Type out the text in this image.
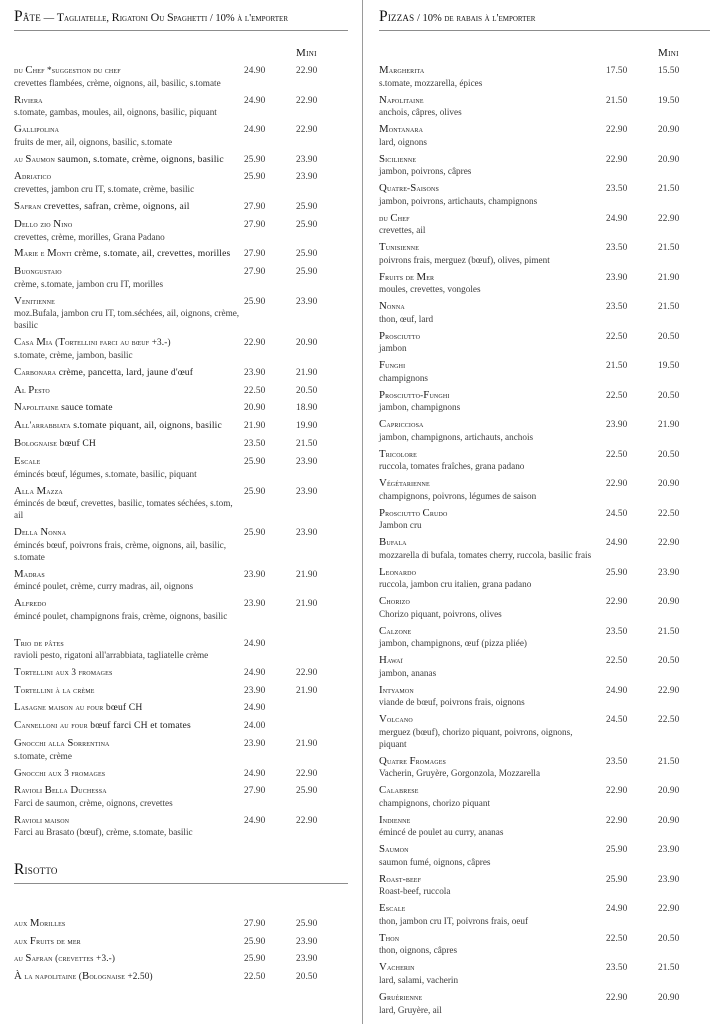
Pâte — Tagliatelle, Rigatoni Ou Spaghetti / 10% à l'emporter
Mini
du Chef *suggestion du chef	24.90	22.90
crevettes flambées, crème, oignons, ail, basilic, s.tomate
Riviera	24.90	22.90
s.tomate, gambas, moules, ail, oignons, basilic, piquant
Gallipolina	24.90	22.90
fruits de mer, ail, oignons, basilic, s.tomate
au Saumon saumon, s.tomate, crème, oignons, basilic	25.90	23.90
Adriatico	25.90	23.90
crevettes, jambon cru IT, s.tomate, crème, basilic
Safran crevettes, safran, crème, oignons, ail	27.90	25.90
Dello zio Nino	27.90	25.90
crevettes, crème, morilles, Grana Padano
Marie e Monti crème, s.tomate, ail, crevettes, morilles	27.90	25.90
Buongustaio	27.90	25.90
crème, s.tomate, jambon cru IT, morilles
Venitienne	25.90	23.90
moz.Bufala, jambon cru IT, tom.séchées, ail, oignons, crème, basilic
Casa Mia (Tortellini farci au bœuf +3.-)	22.90	20.90
s.tomate, crème, jambon, basilic
Carbonara crème, pancetta, lard, jaune d'œuf	23.90	21.90
Al Pesto	22.50	20.50
Napolitaine sauce tomate	20.90	18.90
All'arrabbiata s.tomate piquant, ail, oignons, basilic	21.90	19.90
Bolognaise bœuf CH	23.50	21.50
Escale	25.90	23.90
émincés bœuf, légumes, s.tomate, basilic, piquant
Alla Mazza	25.90	23.90
émincés de bœuf, crevettes, basilic, tomates séchées, s.tom, ail
Della Nonna	25.90	23.90
émincés bœuf, poivrons frais, crème, oignons, ail, basilic, s.tomate
Madras	23.90	21.90
émincé poulet, crème, curry madras, ail, oignons
Alfredo	23.90	21.90
émincé poulet, champignons frais, crème, oignons, basilic
Trio de pâtes	24.90
ravioli pesto, rigatoni all'arrabbiata, tagliatelle crème
Tortellini aux 3 fromages	24.90	22.90
Tortellini à la crème	23.90	21.90
Lasagne maison au four bœuf CH	24.90
Cannelloni au four bœuf farci CH et tomates	24.00
Gnocchi alla Sorrentina	23.90	21.90
s.tomate, crème
Gnocchi aux 3 fromages	24.90	22.90
Ravioli Bella Duchessa	27.90	25.90
Farci de saumon, crème, oignons, crevettes
Ravioli maison	24.90	22.90
Farci au Brasato (bœuf), crème, s.tomate, basilic
Risotto
aux Morilles	27.90	25.90
aux Fruits de mer	25.90	23.90
au Safran (crevettes +3.-)	25.90	23.90
À la napolitaine (Bolognaise +2.50)	22.50	20.50
Pizzas / 10% de rabais à l'emporter
Mini
Margherita	17.50	15.50
s.tomate, mozzarella, épices
Napolitaine	21.50	19.50
anchois, câpres, olives
Montanara	22.90	20.90
lard, oignons
Sicilienne	22.90	20.90
jambon, poivrons, câpres
Quatre-Saisons	23.50	21.50
jambon, poivrons, artichauts, champignons
du Chef	24.90	22.90
crevettes, ail
Tunisienne	23.50	21.50
poivrons frais, merguez (bœuf), olives, piment
Fruits de Mer	23.90	21.90
moules, crevettes, vongoles
Nonna	23.50	21.50
thon, œuf, lard
Prosciutto	22.50	20.50
jambon
Funghi	21.50	19.50
champignons
Prosciutto-Funghi	22.50	20.50
jambon, champignons
Capricciosa	23.90	21.90
jambon, champignons, artichauts, anchois
Tricolore	22.50	20.50
ruccola, tomates fraîches, grana padano
Végétarienne	22.90	20.90
champignons, poivrons, légumes de saison
Prosciutto Crudo	24.50	22.50
Jambon cru
Bufala	24.90	22.90
mozzarella di bufala, tomates cherry, ruccola, basilic frais
Leonardo	25.90	23.90
ruccola, jambon cru italien, grana padano
Chorizo	22.90	20.90
Chorizo piquant, poivrons, olives
Calzone	23.50	21.50
jambon, champignons, œuf (pizza pliée)
Hawaï	22.50	20.50
jambon, ananas
Intyamon	24.90	22.90
viande de bœuf, poivrons frais, oignons
Volcano	24.50	22.50
merguez (bœuf), chorizo piquant, poivrons, oignons, piquant
Quatre Fromages	23.50	21.50
Vacherin, Gruyère, Gorgonzola, Mozzarella
Calabrese	22.90	20.90
champignons, chorizo piquant
Indienne	22.90	20.90
émincé de poulet au curry, ananas
Saumon	25.90	23.90
saumon fumé, oignons, câpres
Roast-beef	25.90	23.90
Roast-beef, ruccola
Escale	24.90	22.90
thon, jambon cru IT, poivrons frais, oeuf
Thon	22.50	20.50
thon, oignons, câpres
Vacherin	23.50	21.50
lard, salami, vacherin
Gruérienne	22.90	20.90
lard, Gruyère, ail
